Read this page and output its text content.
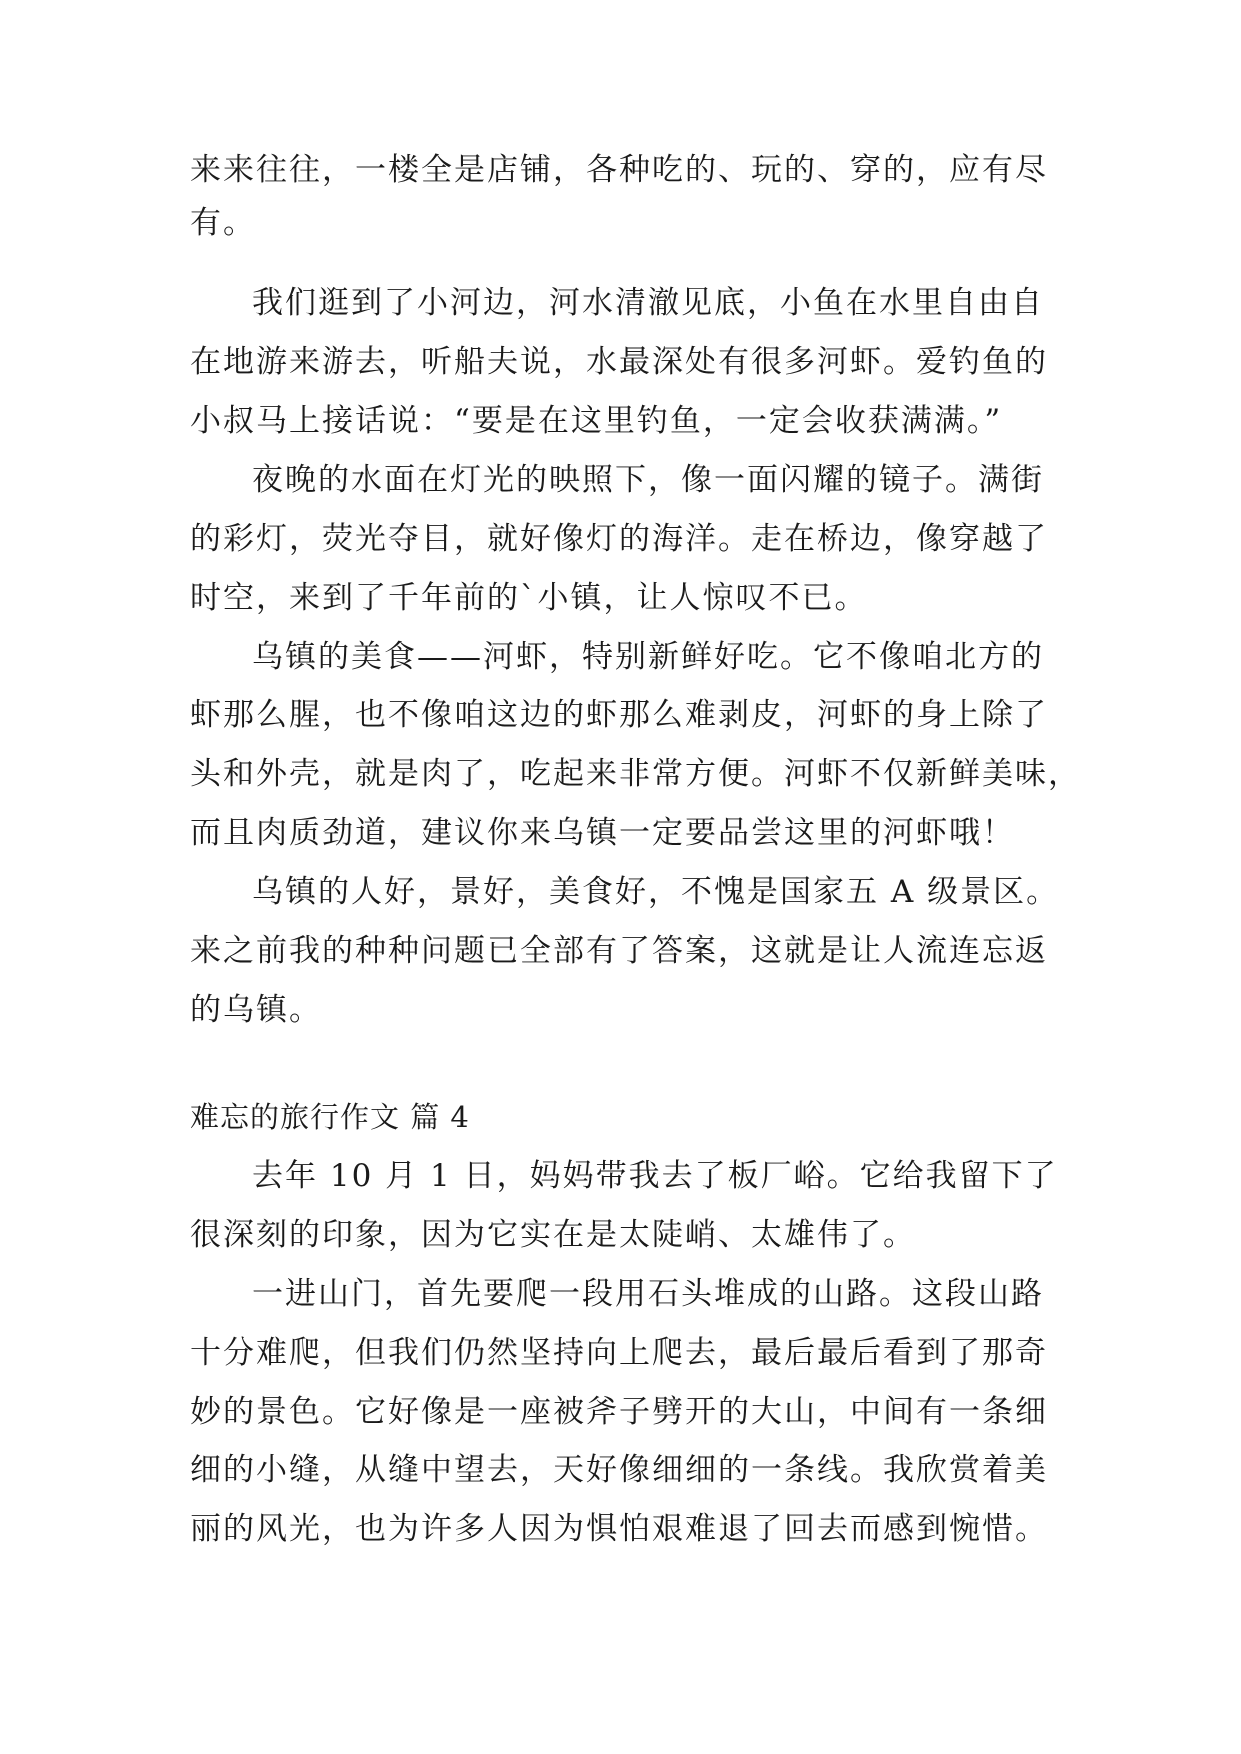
来来往往，一楼全是店铺，各种吃的、玩的、穿的，应有尽
有。
我们逛到了小河边，河水清澈见底，小鱼在水里自由自
在地游来游去，听船夫说，水最深处有很多河虾。爱钓鱼的
小叔马上接话说：“要是在这里钓鱼，一定会收获满满。”
夜晚的水面在灯光的映照下，像一面闪耀的镜子。满街
的彩灯，荧光夺目，就好像灯的海洋。走在桥边，像穿越了
时空，来到了千年前的`小镇，让人惊叹不已。
乌镇的美食——河虾，特别新鲜好吃。它不像咱北方的
虾那么腥，也不像咱这边的虾那么难剥皮，河虾的身上除了
头和外壳，就是肉了，吃起来非常方便。河虾不仅新鲜美味，
而且肉质劲道，建议你来乌镇一定要品尝这里的河虾哦！
乌镇的人好，景好，美食好，不愧是国家五 A 级景区。
来之前我的种种问题已全部有了答案，这就是让人流连忘返
的乌镇。
难忘的旅行作文 篇 4
去年 10 月 1 日，妈妈带我去了板厂峪。它给我留下了
很深刻的印象，因为它实在是太陡峭、太雄伟了。
一进山门，首先要爬一段用石头堆成的山路。这段山路
十分难爬，但我们仍然坚持向上爬去，最后最后看到了那奇
妙的景色。它好像是一座被斧子劈开的大山，中间有一条细
细的小缝，从缝中望去，天好像细细的一条线。我欣赏着美
丽的风光，也为许多人因为惧怕艰难退了回去而感到惋惜。
